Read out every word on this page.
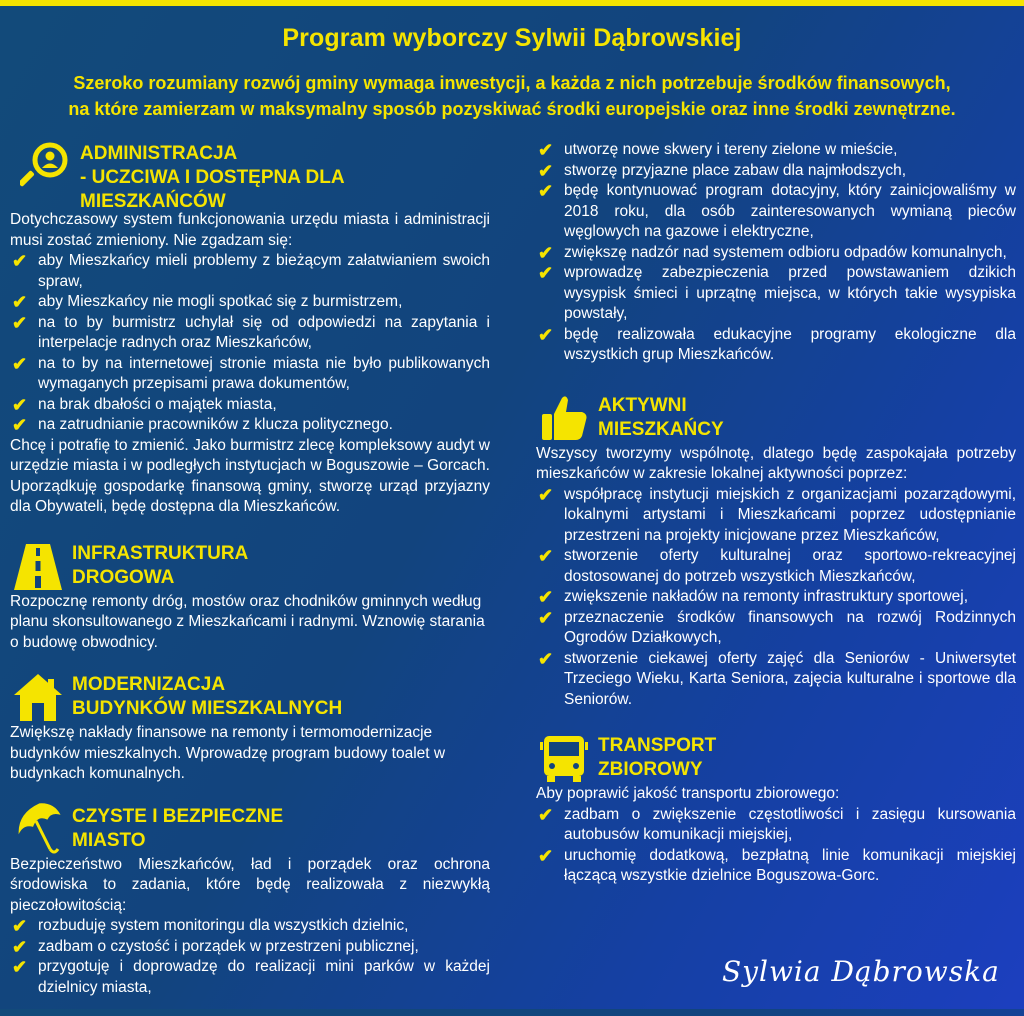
Program wyborczy Sylwii Dąbrowskiej
Szeroko rozumiany rozwój gminy wymaga inwestycji, a każda z nich potrzebuje środków finansowych,
na które zamierzam w maksymalny sposób pozyskiwać środki europejskie oraz inne środki zewnętrzne.
ADMINISTRACJA
- UCZCIWA I DOSTĘPNA DLA MIESZKAŃCÓW

Dotychczasowy system funkcjonowania urzędu miasta i administracji musi zostać zmieniony. Nie zgadzam się:

✔ aby Mieszkańcy mieli problemy z bieżącym załatwianiem swoich spraw,
✔ aby Mieszkańcy nie mogli spotkać się z burmistrzem,
✔ na to by burmistrz uchylał się od odpowiedzi na zapytania i interpelacje radnych oraz Mieszkańców,
✔ na to by na internetowej stronie miasta nie było publikowanych wymaganych przepisami prawa dokumentów,
✔ na brak dbałości o majątek miasta,
✔ na zatrudnianie pracowników z klucza politycznego.

Chcę i potrafię to zmienić. Jako burmistrz zlecę kompleksowy audyt w urzędzie miasta i w podległych instytucjach w Boguszowie – Gorcach. Uporządkuję gospodarkę finansową gminy, stworzę urząd przyjazny dla Obywateli, będę dostępna dla Mieszkańców.

INFRASTRUKTURA
DROGOWA

Rozpocznę remonty dróg, mostów oraz chodników gminnych według planu skonsultowanego z Mieszkańcami i radnymi. Wznowię starania o budowę obwodnicy.

MODERNIZACJA
BUDYNKÓW MIESZKALNYCH

Zwiększę nakłady finansowe na remonty i termomodernizacje budynków mieszkalnych. Wprowadzę program budowy toalet w budynkach komunalnych.

CZYSTE I BEZPIECZNE
MIASTO

Bezpieczeństwo Mieszkańców, ład i porządek oraz ochrona środowiska to zadania, które będę realizowała z niezwykłą pieczołowitością:

✔ rozbuduję system monitoringu dla wszystkich dzielnic,
✔ zadbam o czystość i porządek w przestrzeni publicznej,
✔ przygotuję i doprowadzę do realizacji mini parków w każdej dzielnicy miasta,
✔ utworzę nowe skwery i tereny zielone w mieście,
✔ stworzę przyjazne place zabaw dla najmłodszych,
✔ będę kontynuować program dotacyjny, który zainicjowaliśmy w 2018 roku, dla osób zainteresowanych wymianą pieców węglowych na gazowe i elektryczne,
✔ zwiększę nadzór nad systemem odbioru odpadów komunalnych,
✔ wprowadzę zabezpieczenia przed powstawaniem dzikich wysypisk śmieci i uprzątnę miejsca, w których takie wysypiska powstały,
✔ będę realizowała edukacyjne programy ekologiczne dla wszystkich grup Mieszkańców.
AKTYWNI
MIESZKAŃCY

Wszyscy tworzymy wspólnotę, dlatego będę zaspokajała potrzeby mieszkańców w zakresie lokalnej aktywności poprzez:

✔ współpracę instytucji miejskich z organizacjami pozarządowymi, lokalnymi artystami i Mieszkańcami poprzez udostępnianie przestrzeni na projekty inicjowane przez Mieszkańców,
✔ stworzenie oferty kulturalnej oraz sportowo-rekreacyjnej dostosowanej do potrzeb wszystkich Mieszkańców,
✔ zwiększenie nakładów na remonty infrastruktury sportowej,
✔ przeznaczenie środków finansowych na rozwój Rodzinnych Ogrodów Działkowych,
✔ stworzenie ciekawej oferty zajęć dla Seniorów - Uniwersytet Trzeciego Wieku, Karta Seniora, zajęcia kulturalne i sportowe dla Seniorów.
TRANSPORT
ZBIOROWY

Aby poprawić jakość transportu zbiorowego:

✔ zadbam o zwiększenie częstotliwości i zasięgu kursowania autobusów komunikacji miejskiej,
✔ uruchomię dodatkową, bezpłatną linie komunikacji miejskiej łączącą wszystkie dzielnice Boguszowa-Gorc.
Sylwia Dąbrowska
